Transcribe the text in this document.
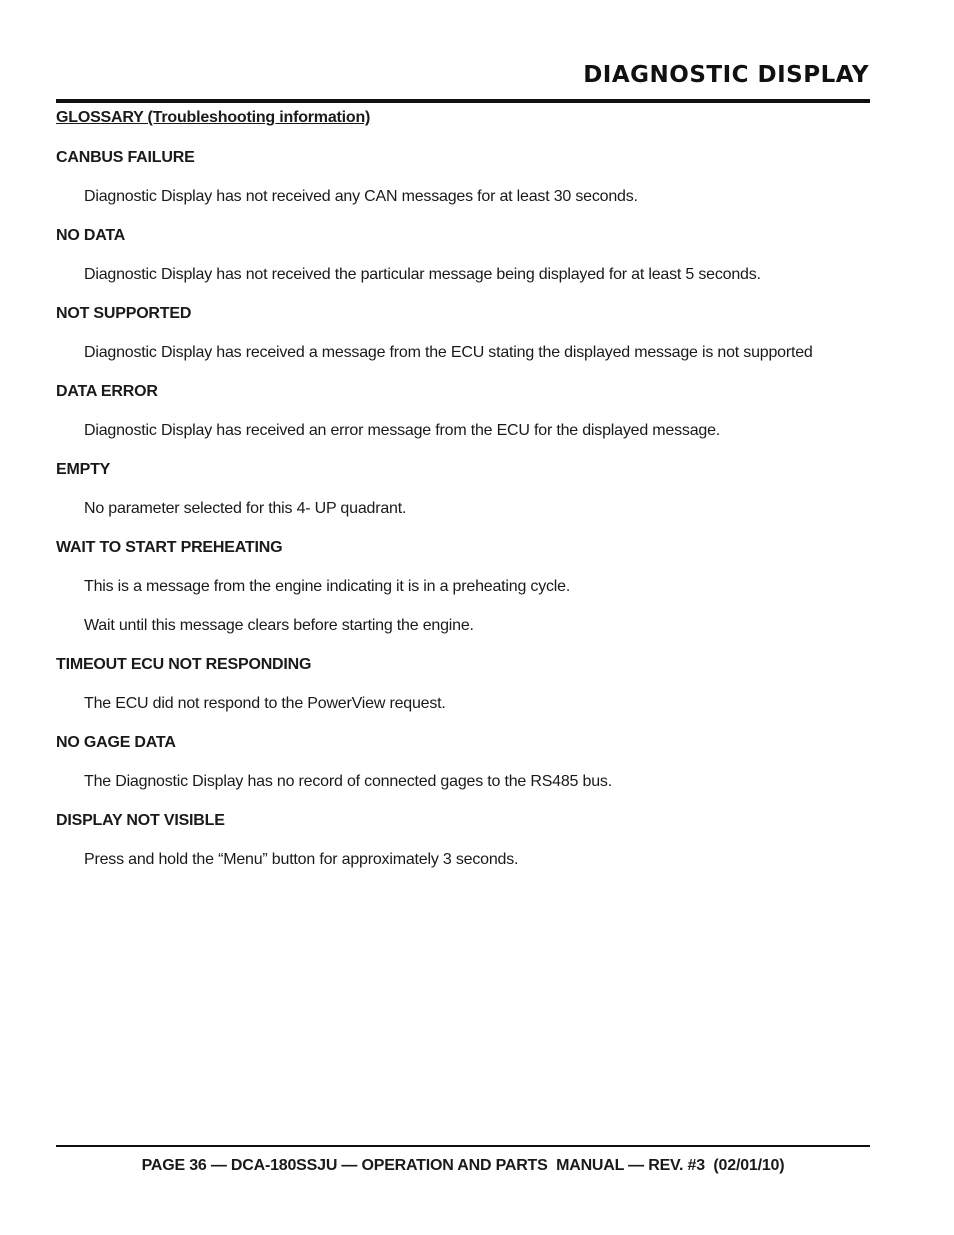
DIAGNOSTIC DISPLAY
GLOSSARY (Troubleshooting information)

CANBUS FAILURE

Diagnostic Display has not received any CAN messages for at least 30 seconds.

NO DATA

Diagnostic Display has not received the particular message being displayed for at least 5 seconds.

NOT SUPPORTED

Diagnostic Display has received a message from the ECU stating the displayed message is not supported

DATA ERROR

Diagnostic Display has received an error message from the ECU for the displayed message.

EMPTY

No parameter selected for this 4- UP quadrant.

WAIT TO START PREHEATING

This is a message from the engine indicating it is in a preheating cycle.

Wait until this message clears before starting the engine.

TIMEOUT ECU NOT RESPONDING

The ECU did not respond to the PowerView request.

NO GAGE DATA

The Diagnostic Display has no record of connected gages to the RS485 bus.

DISPLAY NOT VISIBLE

Press and hold the “Menu” button for approximately 3 seconds.

PAGE 36 — DCA-180SSJU — OPERATION AND PARTS  MANUAL — REV. #3  (02/01/10)
